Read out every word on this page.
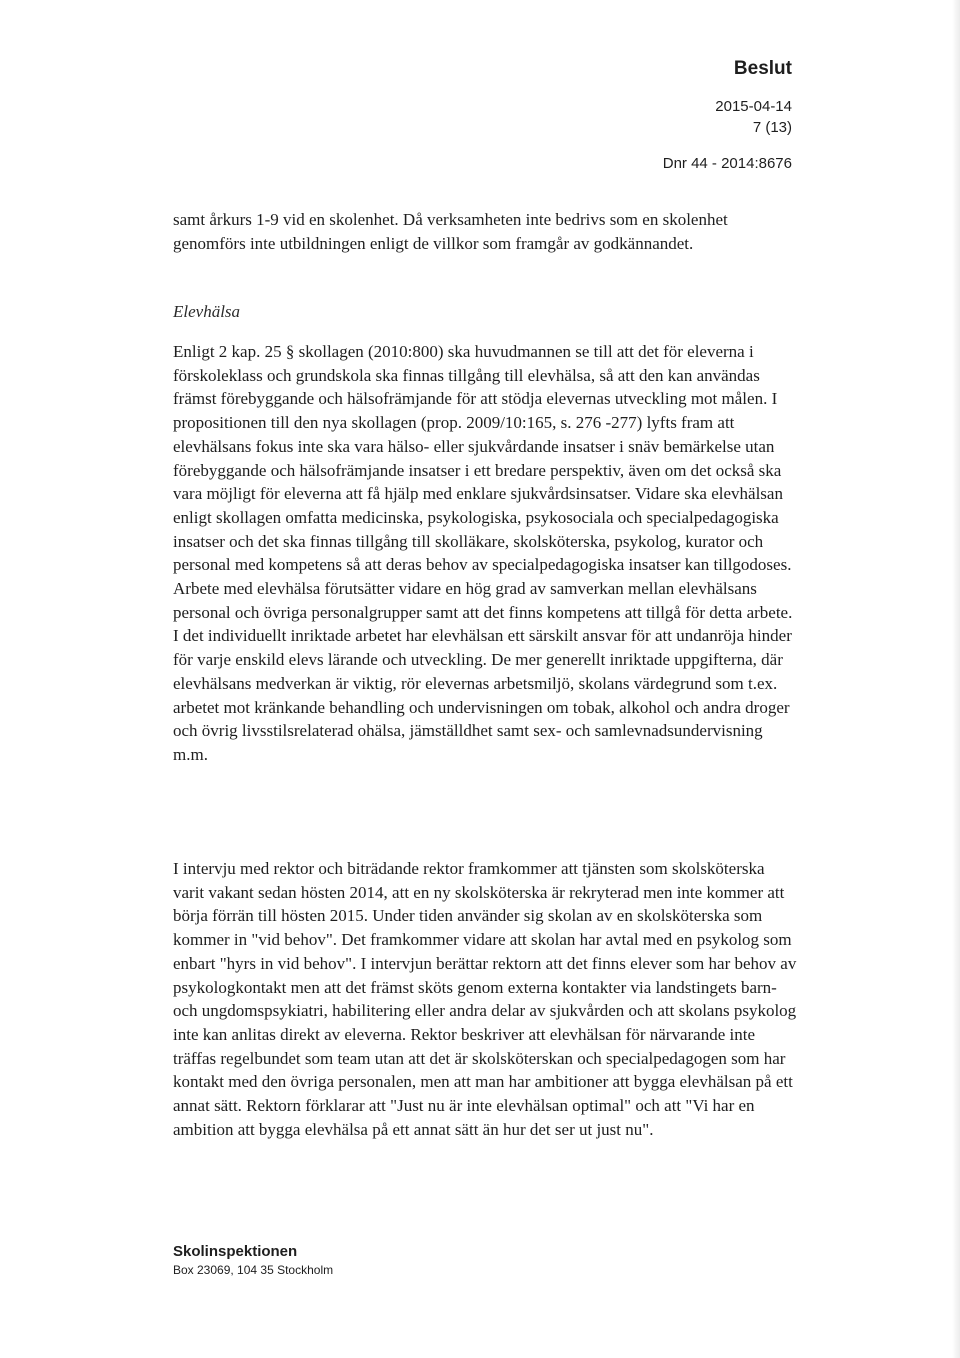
Beslut
2015-04-14
7 (13)
Dnr 44 - 2014:8676

samt årkurs 1-9 vid en skolenhet. Då verksamheten inte bedrivs som en skolenhet genomförs inte utbildningen enligt de villkor som framgår av godkännandet.

Elevhälsa

Enligt 2 kap. 25 § skollagen (2010:800) ska huvudmannen se till att det för eleverna i förskoleklass och grundskola ska finnas tillgång till elevhälsa, så att den kan användas främst förebyggande och hälsofrämjande för att stödja elevernas utveckling mot målen. I propositionen till den nya skollagen (prop. 2009/10:165, s. 276 -277) lyfts fram att elevhälsans fokus inte ska vara hälso- eller sjukvårdande insatser i snäv bemärkelse utan förebyggande och hälsofrämjande insatser i ett bredare perspektiv, även om det också ska vara möjligt för eleverna att få hjälp med enklare sjukvårdsinsatser. Vidare ska elevhälsan enligt skollagen omfatta medicinska, psykologiska, psykosociala och specialpedagogiska insatser och det ska finnas tillgång till skolläkare, skolsköterska, psykolog, kurator och personal med kompetens så att deras behov av specialpedagogiska insatser kan tillgodoses. Arbete med elevhälsa förutsätter vidare en hög grad av samverkan mellan elevhälsans personal och övriga personalgrupper samt att det finns kompetens att tillgå för detta arbete. I det individuellt inriktade arbetet har elevhälsan ett särskilt ansvar för att undanröja hinder för varje enskild elevs lärande och utveckling. De mer generellt inriktade uppgifterna, där elevhälsans medverkan är viktig, rör elevernas arbetsmiljö, skolans värdegrund som t.ex. arbetet mot kränkande behandling och undervisningen om tobak, alkohol och andra droger och övrig livsstilsrelaterad ohälsa, jämställdhet samt sex- och samlevnadsundervisning m.m.

I intervju med rektor och biträdande rektor framkommer att tjänsten som skolsköterska varit vakant sedan hösten 2014, att en ny skolsköterska är rekryterad men inte kommer att börja förrän till hösten 2015. Under tiden använder sig skolan av en skolsköterska som kommer in "vid behov". Det framkommer vidare att skolan har avtal med en psykolog som enbart "hyrs in vid behov". I intervjun berättar rektorn att det finns elever som har behov av psykologkontakt men att det främst sköts genom externa kontakter via landstingets barn- och ungdomspsykiatri, habilitering eller andra delar av sjukvården och att skolans psykolog inte kan anlitas direkt av eleverna. Rektor beskriver att elevhälsan för närvarande inte träffas regelbundet som team utan att det är skolsköterskan och specialpedagogen som har kontakt med den övriga personalen, men att man har ambitioner att bygga elevhälsan på ett annat sätt. Rektorn förklarar att "Just nu är inte elevhälsan optimal" och att "Vi har en ambition att bygga elevhälsa på ett annat sätt än hur det ser ut just nu".

Skolinspektionen
Box 23069, 104 35 Stockholm
